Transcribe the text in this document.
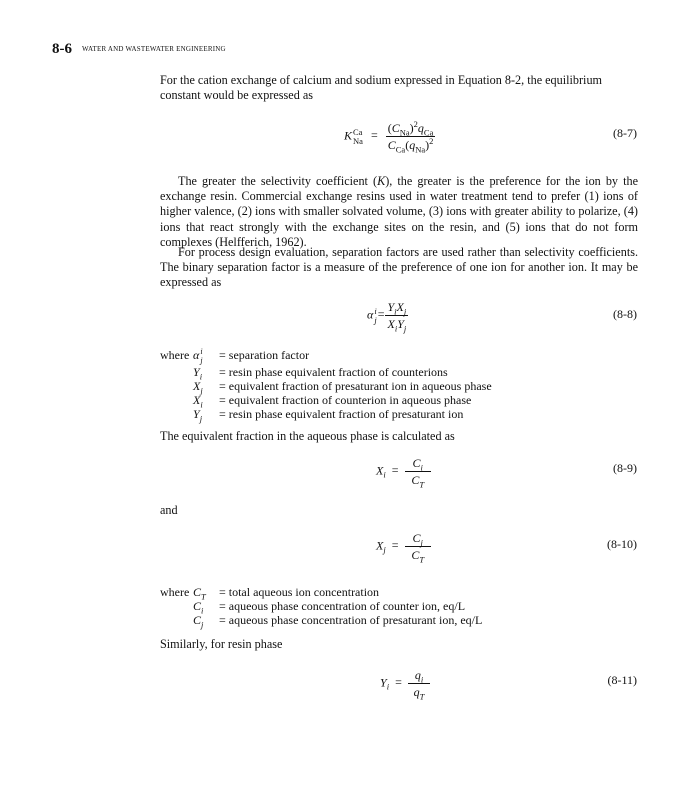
8-6 WATER AND WASTEWATER ENGINEERING
For the cation exchange of calcium and sodium expressed in Equation 8-2, the equilibrium constant would be expressed as
K Ca
$Na = \frac{(C_{Na})^2q_{Ca}}{C_{Ca}(q_{Na})^2}$	(8-7)
The greater the selectivity coefficient (K), the greater is the preference for the ion by the exchange resin. Commercial exchange resins used in water treatment tend to prefer (1) ions of higher valence, (2) ions with smaller solvated volume, (3) ions with greater ability to polarize, (4) ions that react strongly with the exchange sites on the resin, and (5) ions that do not form complexes (Helfferich, 1962).
For process design evaluation, separation factors are used rather than selectivity coefficients. The binary separation factor is a measure of the preference of one ion for another ion. It may be expressed as
α i
$j = \frac{Y_iX_j}{X_iY_j}$	(8-8)
where α i
j = separation factor
$Y_i = resin$ phase equivalent fraction of counterions
$X_j$ = equivalent fraction of presaturant ion in aqueous phase
$X_i$ = equivalent fraction of counterion in aqueous phase
$Y_j = resin$ phase equivalent fraction of presaturant ion
The equivalent fraction in the aqueous phase is calculated as
$X_i = \frac{C_i}{C_T}$	(8-9)
and
$X_j = \frac{C_j}{C_T}$	(8-10)
where $C_T$ = total aqueous ion concentration
$C_i$ = aqueous phase concentration of counter ion, eq/L
$C_j$ = aqueous phase concentration of presaturant ion, eq/L
Similarly, for resin phase
$Y_i = \frac{q_i}{q_T}$	(8-11)
